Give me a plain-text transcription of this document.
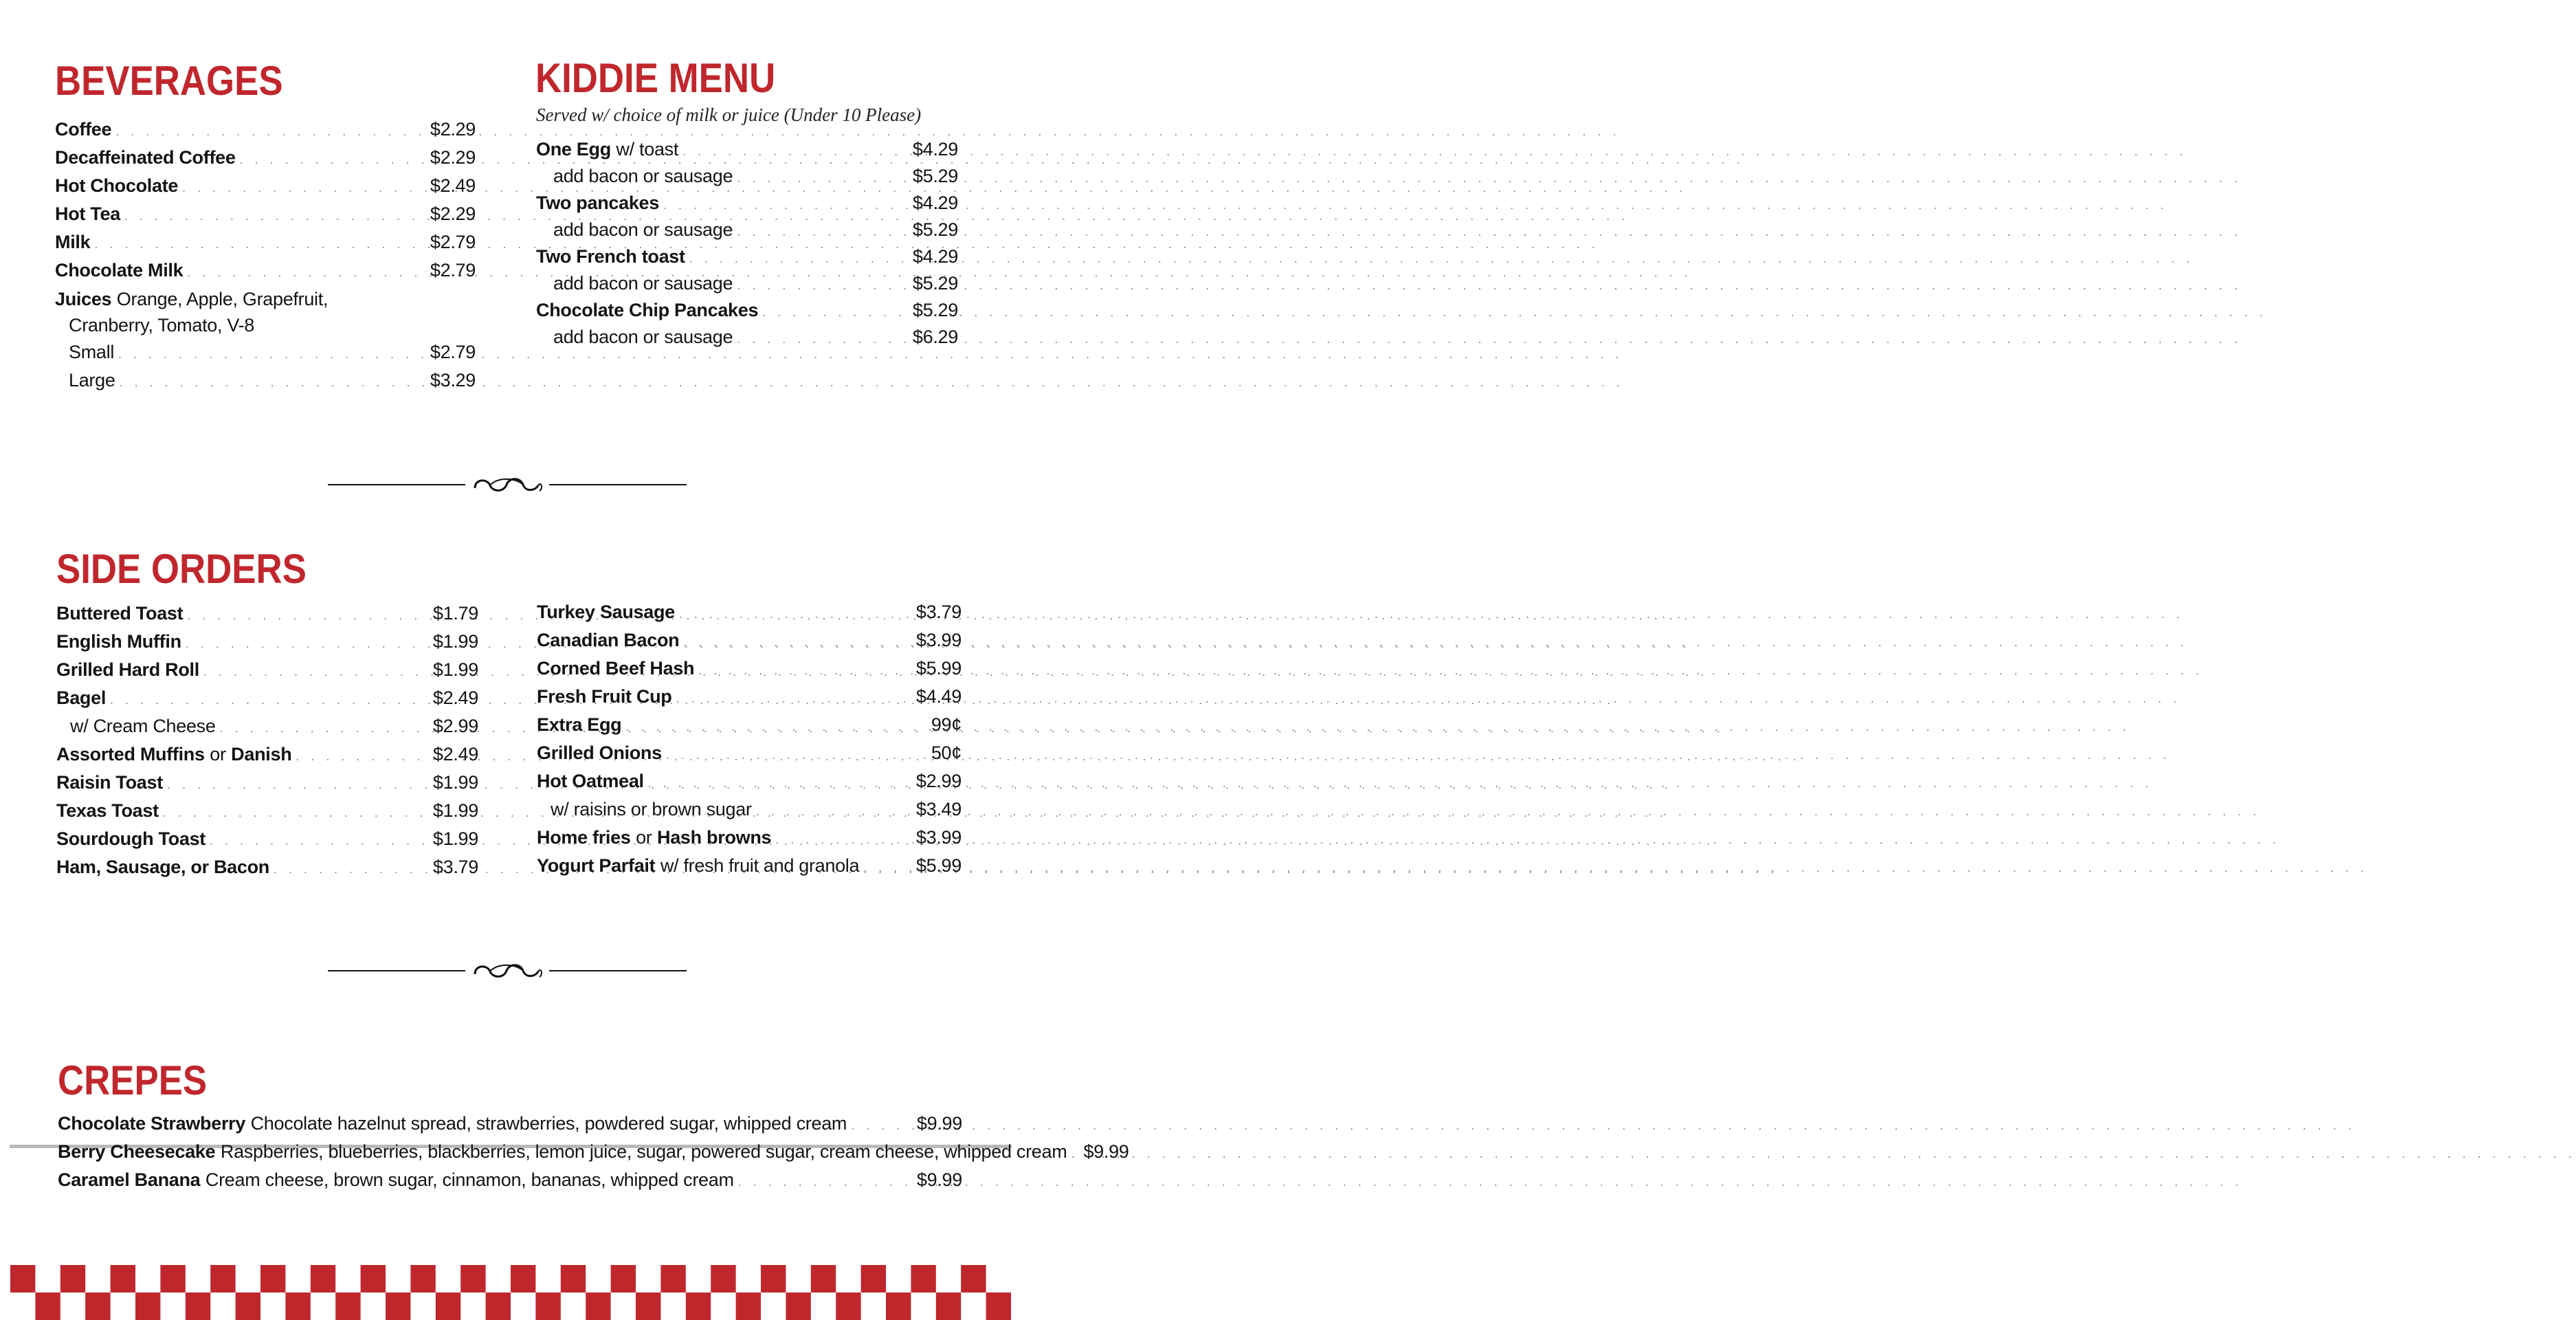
BEVERAGES
Coffee . . .	$2.29
Decaffeinated Coffee . . .	$2.29
Hot Chocolate . . .	$2.49
Hot Tea . . .	$2.29
Milk . . .	$2.79
Chocolate Milk . . .	$2.79
Juices Orange, Apple, Grapefruit,
Cranberry, Tomato, V-8
Small . . .	$2.79
Large . . .	$3.29
KIDDIE MENU
Served w/ choice of milk or juice (Under 10 Please)
One Egg w/ toast . . .	$4.29
add bacon or sausage . . .	$5.29
Two pancakes . . .	$4.29
add bacon or sausage . . .	$5.29
Two French toast . . .	$4.29
add bacon or sausage . . .	$5.29
Chocolate Chip Pancakes . . .	$5.29
add bacon or sausage . . .	$6.29
SIDE ORDERS
Buttered Toast . . .	$1.79
English Muffin . . .	$1.99
Grilled Hard Roll . . .	$1.99
Bagel . . .	$2.49
w/ Cream Cheese . . .	$2.99
Assorted Muffins or Danish . . .	$2.49
Raisin Toast . . .	$1.99
Texas Toast . . .	$1.99
Sourdough Toast . . .	$1.99
Ham, Sausage, or Bacon . . .	$3.79
Turkey Sausage . . .	$3.79
Canadian Bacon . . .	$3.99
Corned Beef Hash . . .	$5.99
Fresh Fruit Cup . . .	$4.49
Extra Egg . . .	99¢
Grilled Onions . . .	50¢
Hot Oatmeal . . .	$2.99
w/ raisins or brown sugar . . .	$3.49
Home fries or Hash browns . . .	$3.99
Yogurt Parfait w/ fresh fruit and granola . . .	$5.99
CREPES
Chocolate Strawberry Chocolate hazelnut spread, strawberries, powdered sugar, whipped cream . . .	$9.99
Berry Cheesecake Raspberries, blueberries, blackberries, lemon juice, sugar, powered sugar, cream cheese, whipped cream . . . $9.99
Caramel Banana Cream cheese, brown sugar, cinnamon, bananas, whipped cream . . .	$9.99
